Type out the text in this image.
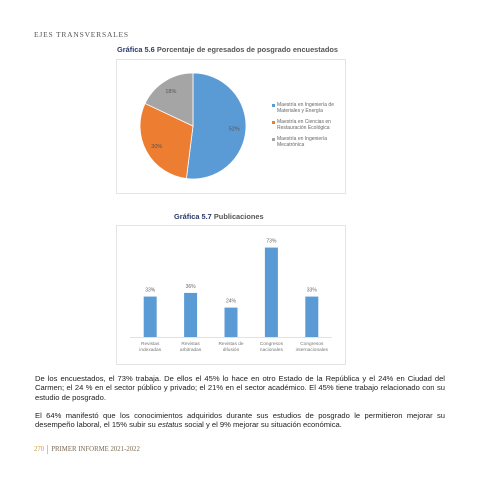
EJES TRANSVERSALES
Gráfica 5.6 Porcentaje de egresados de posgrado encuestados
52%
30%
18%
Maestría en Ingeniería de Materiales y Energía
Maestría en Ciencias en Restauración Ecológica
Maestría en Ingeniería Mecatrónica
Gráfica 5.7 Publicaciones
33%
Revistas indexadas
36%
Revistas arbitradas
24%
Revistas de difusión
73%
Congresos nacionales
33%
Congresos internacionales
De los encuestados, el 73% trabaja. De ellos el 45% lo hace en otro Estado de la República y el 24% en Ciudad del Carmen; el 24 % en el sector público y privado; el 21% en el sector académico. El 45% tiene trabajo relacionado con su estudio de posgrado.
El 64% manifestó que los conocimientos adquiridos durante sus estudios de posgrado le permitieron mejorar su desempeño laboral, el 15% subir su estatus social y el 9% mejorar su situación económica.
270 PRIMER INFORME 2021-2022
